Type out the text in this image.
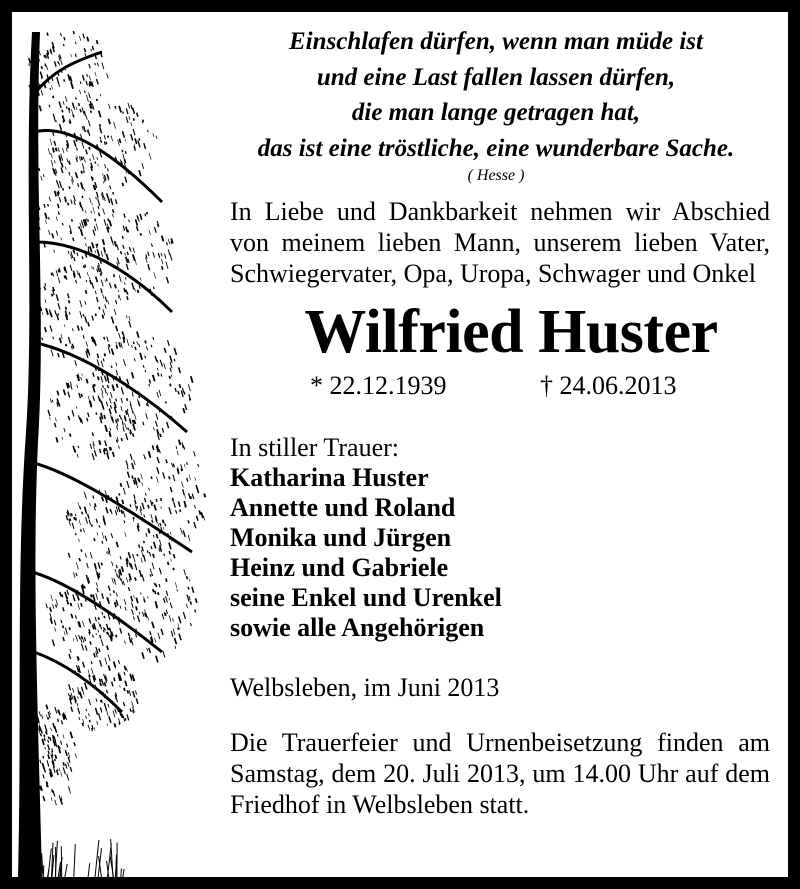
Einschlafen dürfen, wenn man müde ist
und eine Last fallen lassen dürfen,
die man lange getragen hat,
das ist eine tröstliche, eine wunderbare Sache.

( Hesse )

In Liebe und Dankbarkeit nehmen wir Abschied von meinem lieben Mann, unserem lieben Vater, Schwiegervater, Opa, Uropa, Schwager und Onkel

Wilfried Huster
* 22.12.1939	† 24.06.2013
In stiller Trauer:
Katharina Huster
Annette und Roland
Monika und Jürgen
Heinz und Gabriele
seine Enkel und Urenkel
sowie alle Angehörigen

Welbsleben, im Juni 2013

Die Trauerfeier und Urnenbeisetzung finden am Samstag, dem 20. Juli 2013, um 14.00 Uhr auf dem Friedhof in Welbsleben statt.
